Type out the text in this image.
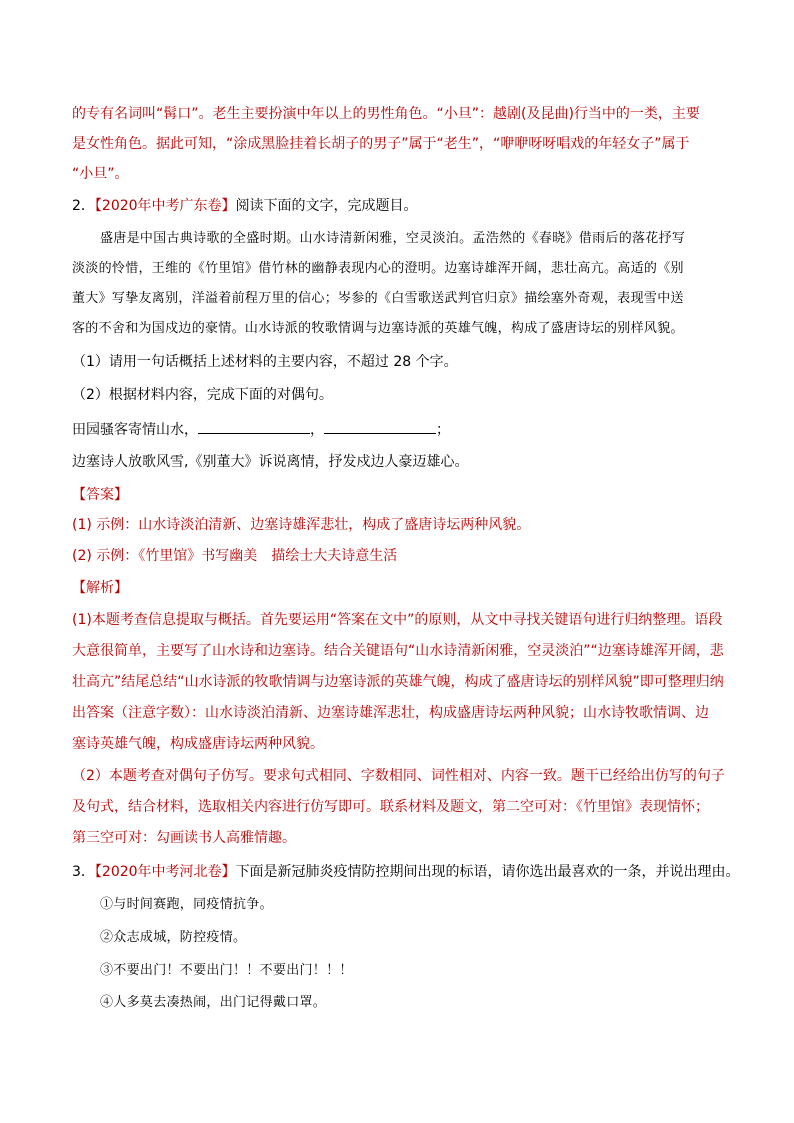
的专有名词叫“髯口”。老生主要扮演中年以上的男性角色。“小旦”：越剧(及昆曲)行当中的一类，主要
是女性角色。据此可知，“涂成黑脸挂着长胡子的男子”属于“老生”，“咿咿呀呀唱戏的年轻女子”属于
“小旦”。
2．【2020年中考广东卷】阅读下面的文字，完成题目。
盛唐是中国古典诗歌的全盛时期。山水诗清新闲雅，空灵淡泊。孟浩然的《春晓》借雨后的落花抒写
淡淡的怜惜，王维的《竹里馆》借竹林的幽静表现内心的澄明。边塞诗雄浑开阔，悲壮高亢。高适的《别
董大》写挚友离别，洋溢着前程万里的信心；岑参的《白雪歌送武判官归京》描绘塞外奇观，表现雪中送
客的不舍和为国戍边的豪情。山水诗派的牧歌情调与边塞诗派的英雄气魄，构成了盛唐诗坛的别样风貌。
（1）请用一句话概括上述材料的主要内容，不超过 28 个字。
（2）根据材料内容，完成下面的对偶句。
田园骚客寄情山水，	，	；
边塞诗人放歌风雪,《别董大》诉说离情，抒发戍边人豪迈雄心。
【答案】
(1) 示例：山水诗淡泊清新、边塞诗雄浑悲壮，构成了盛唐诗坛两种风貌。
(2) 示例：《竹里馆》书写幽美　描绘士大夫诗意生活
【解析】
(1)本题考查信息提取与概括。首先要运用“答案在文中”的原则，从文中寻找关键语句进行归纳整理。语段
大意很简单，主要写了山水诗和边塞诗。结合关键语句“山水诗清新闲雅，空灵淡泊”“边塞诗雄浑开阔，悲
壮高亢”结尾总结“山水诗派的牧歌情调与边塞诗派的英雄气魄，构成了盛唐诗坛的别样风貌”即可整理归纳
出答案（注意字数）：山水诗淡泊清新、边塞诗雄浑悲壮，构成盛唐诗坛两种风貌；山水诗牧歌情调、边
塞诗英雄气魄，构成盛唐诗坛两种风貌。
（2）本题考查对偶句子仿写。要求句式相同、字数相同、词性相对、内容一致。题干已经给出仿写的句子
及句式，结合材料，选取相关内容进行仿写即可。联系材料及题文，第二空可对：《竹里馆》表现情怀；
第三空可对：勾画读书人高雅情趣。
3．【2020年中考河北卷】下面是新冠肺炎疫情防控期间出现的标语，请你选出最喜欢的一条，并说出理由。
①与时间赛跑，同疫情抗争。
②众志成城，防控疫情。
③不要出门！不要出门！！不要出门！！！
④人多莫去凑热闹，出门记得戴口罩。
